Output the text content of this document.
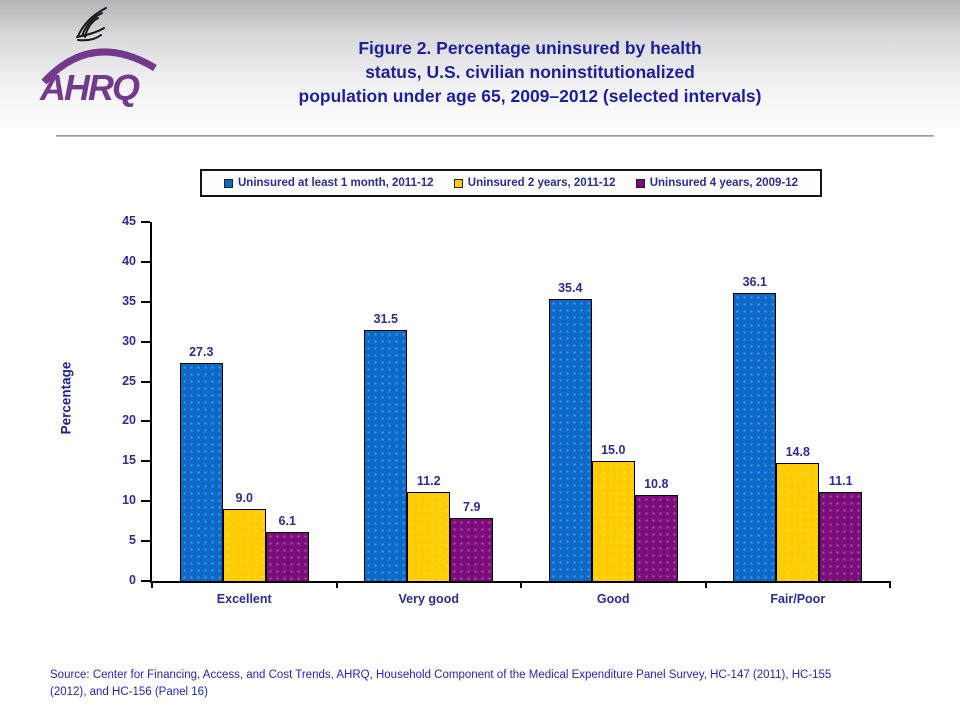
AHRQ
Figure 2. Percentage uninsured by health
status, U.S. civilian noninstitutionalized
population under age 65, 2009–2012 (selected intervals)
Uninsured at least 1 month, 2011-12	Uninsured 2 years, 2011-12	Uninsured 4 years, 2009-12
Percentage
0
5
10
15
20
25
30
35
40
45
27.3
9.0
6.1
31.5
11.2
7.9
35.4
15.0
10.8
36.1
14.8
11.1
Excellent	Very good	Good	Fair/Poor
Source: Center for Financing, Access, and Cost Trends, AHRQ, Household Component of the Medical Expenditure Panel Survey, HC-147 (2011), HC-155
(2012), and HC-156 (Panel 16)
